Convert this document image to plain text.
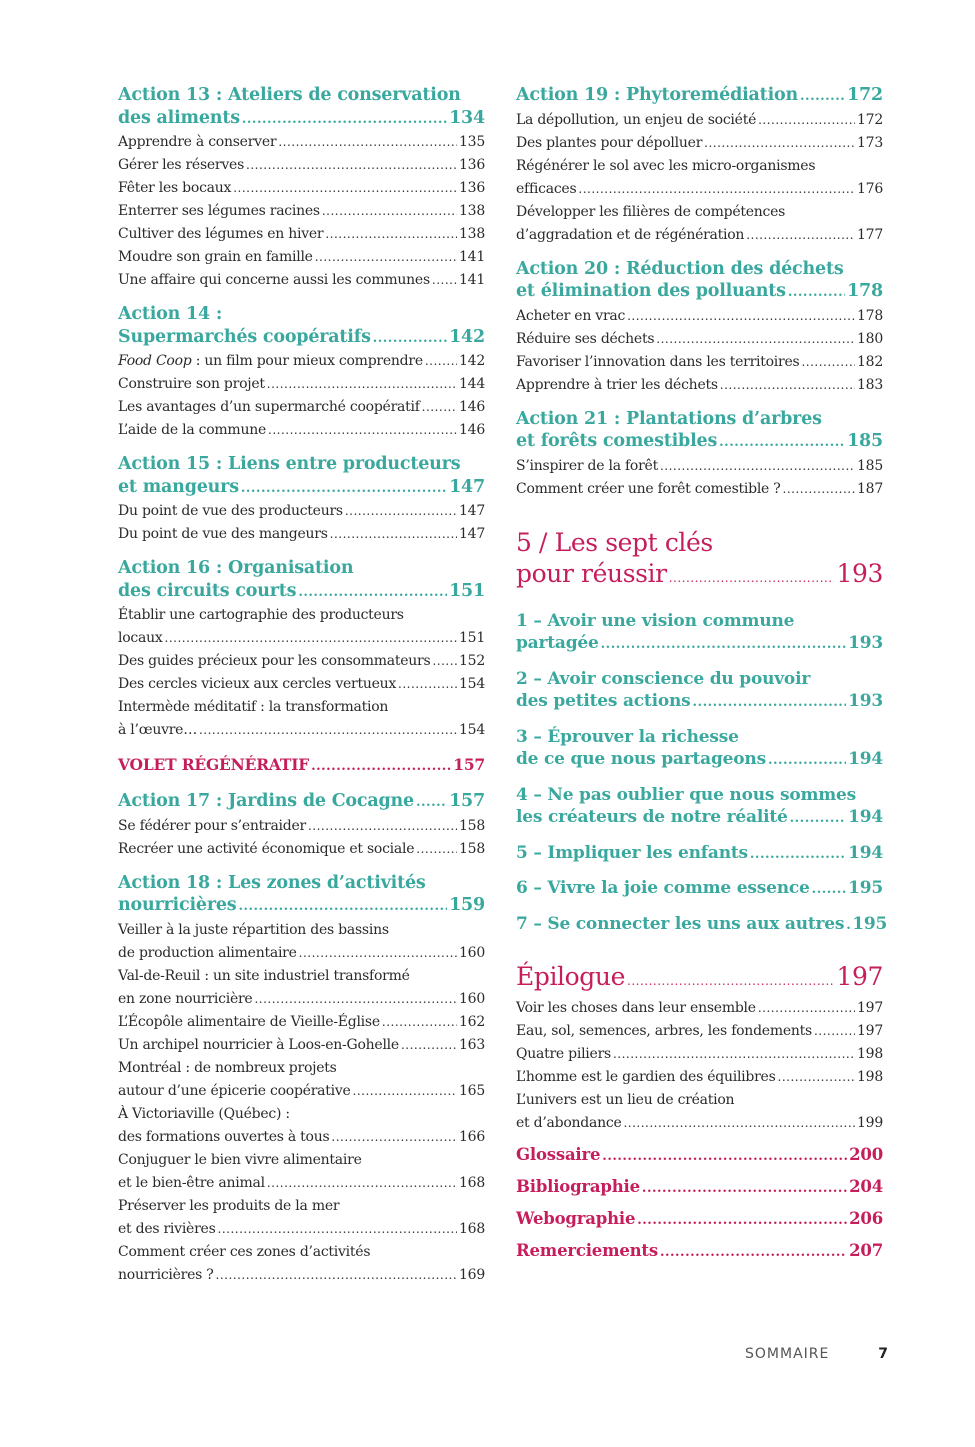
Action 13 : Ateliers de conservation
des aliments .....	134
Apprendre à conserver .....	135
Gérer les réserves .....	136
Fêter les bocaux .....	136
Enterrer ses légumes racines .....	138
Cultiver des légumes en hiver .....	138
Moudre son grain en famille .....	141
Une affaire qui concerne aussi les communes ..... 141
Action 14 :
Supermarchés coopératifs .....	142
Food Coop : un film pour mieux comprendre .....	142
Construire son projet .....	144
Les avantages d’un supermarché coopératif .....	146
L’aide de la commune .....	146
Action 15 : Liens entre producteurs
et mangeurs .....	147
Du point de vue des producteurs .....	147
Du point de vue des mangeurs .....	147
Action 16 : Organisation
des circuits courts .....	151
Établir une cartographie des producteurs
locaux .....	151
Des guides précieux pour les consommateurs ..... 152
Des cercles vicieux aux cercles vertueux .....	154
Intermède méditatif : la transformation
à l’œuvre… .....	154
VOLET RÉGÉNÉRATIF .....	157
Action 17 : Jardins de Cocagne ..... 157
Se fédérer pour s’entraider .....	158
Recréer une activité économique et sociale .....	158
Action 18 : Les zones d’activités
nourricières .....	159
Veiller à la juste répartition des bassins
de production alimentaire .....	160
Val-de-Reuil : un site industriel transformé
en zone nourricière .....	160
L’Écopôle alimentaire de Vieille-Église .....	162
Un archipel nourricier à Loos-en-Gohelle .....	163
Montréal : de nombreux projets
autour d’une épicerie coopérative .....	165
À Victoriaville (Québec) :
des formations ouvertes à tous .....	166
Conjuguer le bien vivre alimentaire
et le bien-être animal .....	168
Préserver les produits de la mer
et des rivières .....	168
Comment créer ces zones d’activités
nourricières ? .....	169
Action 19 : Phytoremédiation .....	172
La dépollution, un enjeu de société .....	172
Des plantes pour dépolluer .....	173
Régénérer le sol avec les micro-organismes
efficaces .....	176
Développer les filières de compétences
d’aggradation et de régénération .....	177
Action 20 : Réduction des déchets
et élimination des polluants .....	178
Acheter en vrac .....	178
Réduire ses déchets .....	180
Favoriser l’innovation dans les territoires .....	182
Apprendre à trier les déchets .....	183
Action 21 : Plantations d’arbres
et forêts comestibles .....	185
S’inspirer de la forêt .....	185
Comment créer une forêt comestible ? .....	187
5 / Les sept clés
pour réussir .....	193
1 – Avoir une vision commune
partagée .....	193
2 – Avoir conscience du pouvoir
des petites actions .....	193
3 – Éprouver la richesse
de ce que nous partageons .....	194
4 – Ne pas oublier que nous sommes
les créateurs de notre réalité .....	194
5 – Impliquer les enfants .....	194
6 – Vivre la joie comme essence ..... 195
7 – Se connecter les uns aux autres ..... 195
Épilogue .....	197
Voir les choses dans leur ensemble .....	197
Eau, sol, semences, arbres, les fondements .....	197
Quatre piliers .....	198
L’homme est le gardien des équilibres .....	198
L’univers est un lieu de création
et d’abondance .....	199
Glossaire .....	200
Bibliographie .....	204
Webographie .....	206
Remerciements .....	207
SOMMAIRE	7
